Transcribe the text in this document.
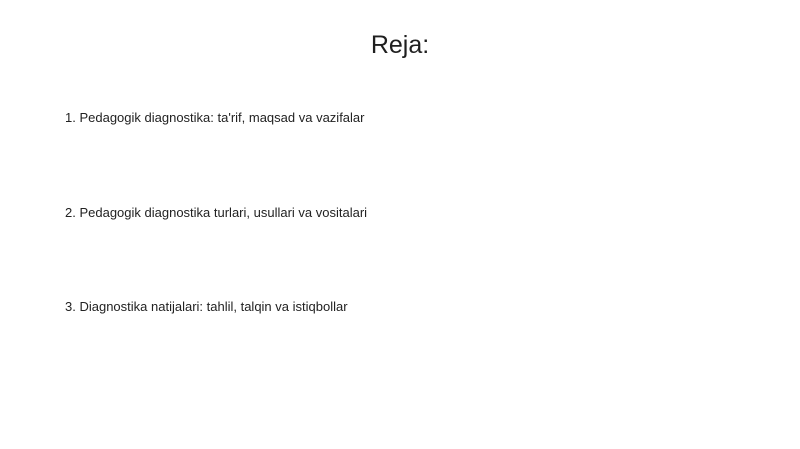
Reja:
1. Pedagogik diagnostika: ta'rif, maqsad va vazifalar
2. Pedagogik diagnostika turlari, usullari va vositalari
3. Diagnostika natijalari: tahlil, talqin va istiqbollar
